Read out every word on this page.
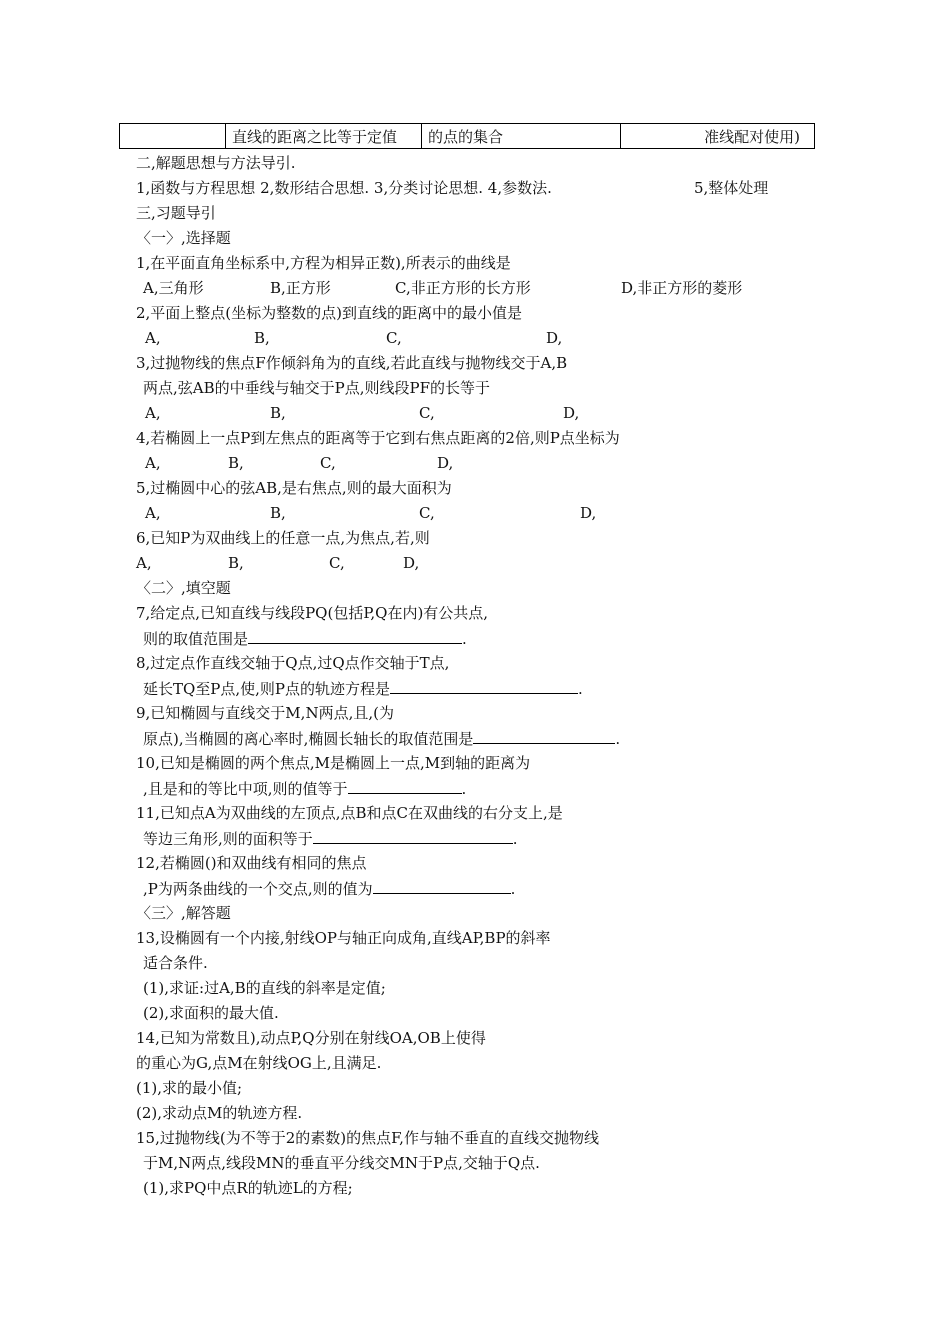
	直线的距离之比等于定值	的点的集合	准线配对使用)
二,解题思想与方法导引.
1,函数与方程思想 2,数形结合思想. 3,分类讨论思想. 4,参数法.	5,整体处理
三,习题导引
〈一〉,选择题
1,在平面直角坐标系中,方程为相异正数),所表示的曲线是
A,三角形	B,正方形	C,非正方形的长方形	D,非正方形的菱形
2,平面上整点(坐标为整数的点)到直线的距离中的最小值是
A,	B,	C,	D,
3,过抛物线的焦点F作倾斜角为的直线,若此直线与抛物线交于A,B
两点,弦AB的中垂线与轴交于P点,则线段PF的长等于
A,	B,	C,	D,
4,若椭圆上一点P到左焦点的距离等于它到右焦点距离的2倍,则P点坐标为
A,	B,	C,	D,
5,过椭圆中心的弦AB,是右焦点,则的最大面积为
A,	B,	C,	D,
6,已知P为双曲线上的任意一点,为焦点,若,则
A,	B,	C,	D,
〈二〉,填空题
7,给定点,已知直线与线段PQ(包括P,Q在内)有公共点,
则的取值范围是	.
8,过定点作直线交轴于Q点,过Q点作交轴于T点,
延长TQ至P点,使,则P点的轨迹方程是	.
9,已知椭圆与直线交于M,N两点,且,(为
原点),当椭圆的离心率时,椭圆长轴长的取值范围是	.
10,已知是椭圆的两个焦点,M是椭圆上一点,M到轴的距离为
,且是和的等比中项,则的值等于	.
11,已知点A为双曲线的左顶点,点B和点C在双曲线的右分支上,是
等边三角形,则的面积等于	.
12,若椭圆()和双曲线有相同的焦点
,P为两条曲线的一个交点,则的值为	.
〈三〉,解答题
13,设椭圆有一个内接,射线OP与轴正向成角,直线AP,BP的斜率
适合条件.
(1),求证:过A,B的直线的斜率是定值;
(2),求面积的最大值.
14,已知为常数且),动点P,Q分别在射线OA,OB上使得
的重心为G,点M在射线OG上,且满足.
(1),求的最小值;
(2),求动点M的轨迹方程.
15,过抛物线(为不等于2的素数)的焦点F,作与轴不垂直的直线交抛物线
于M,N两点,线段MN的垂直平分线交MN于P点,交轴于Q点.
(1),求PQ中点R的轨迹L的方程;
